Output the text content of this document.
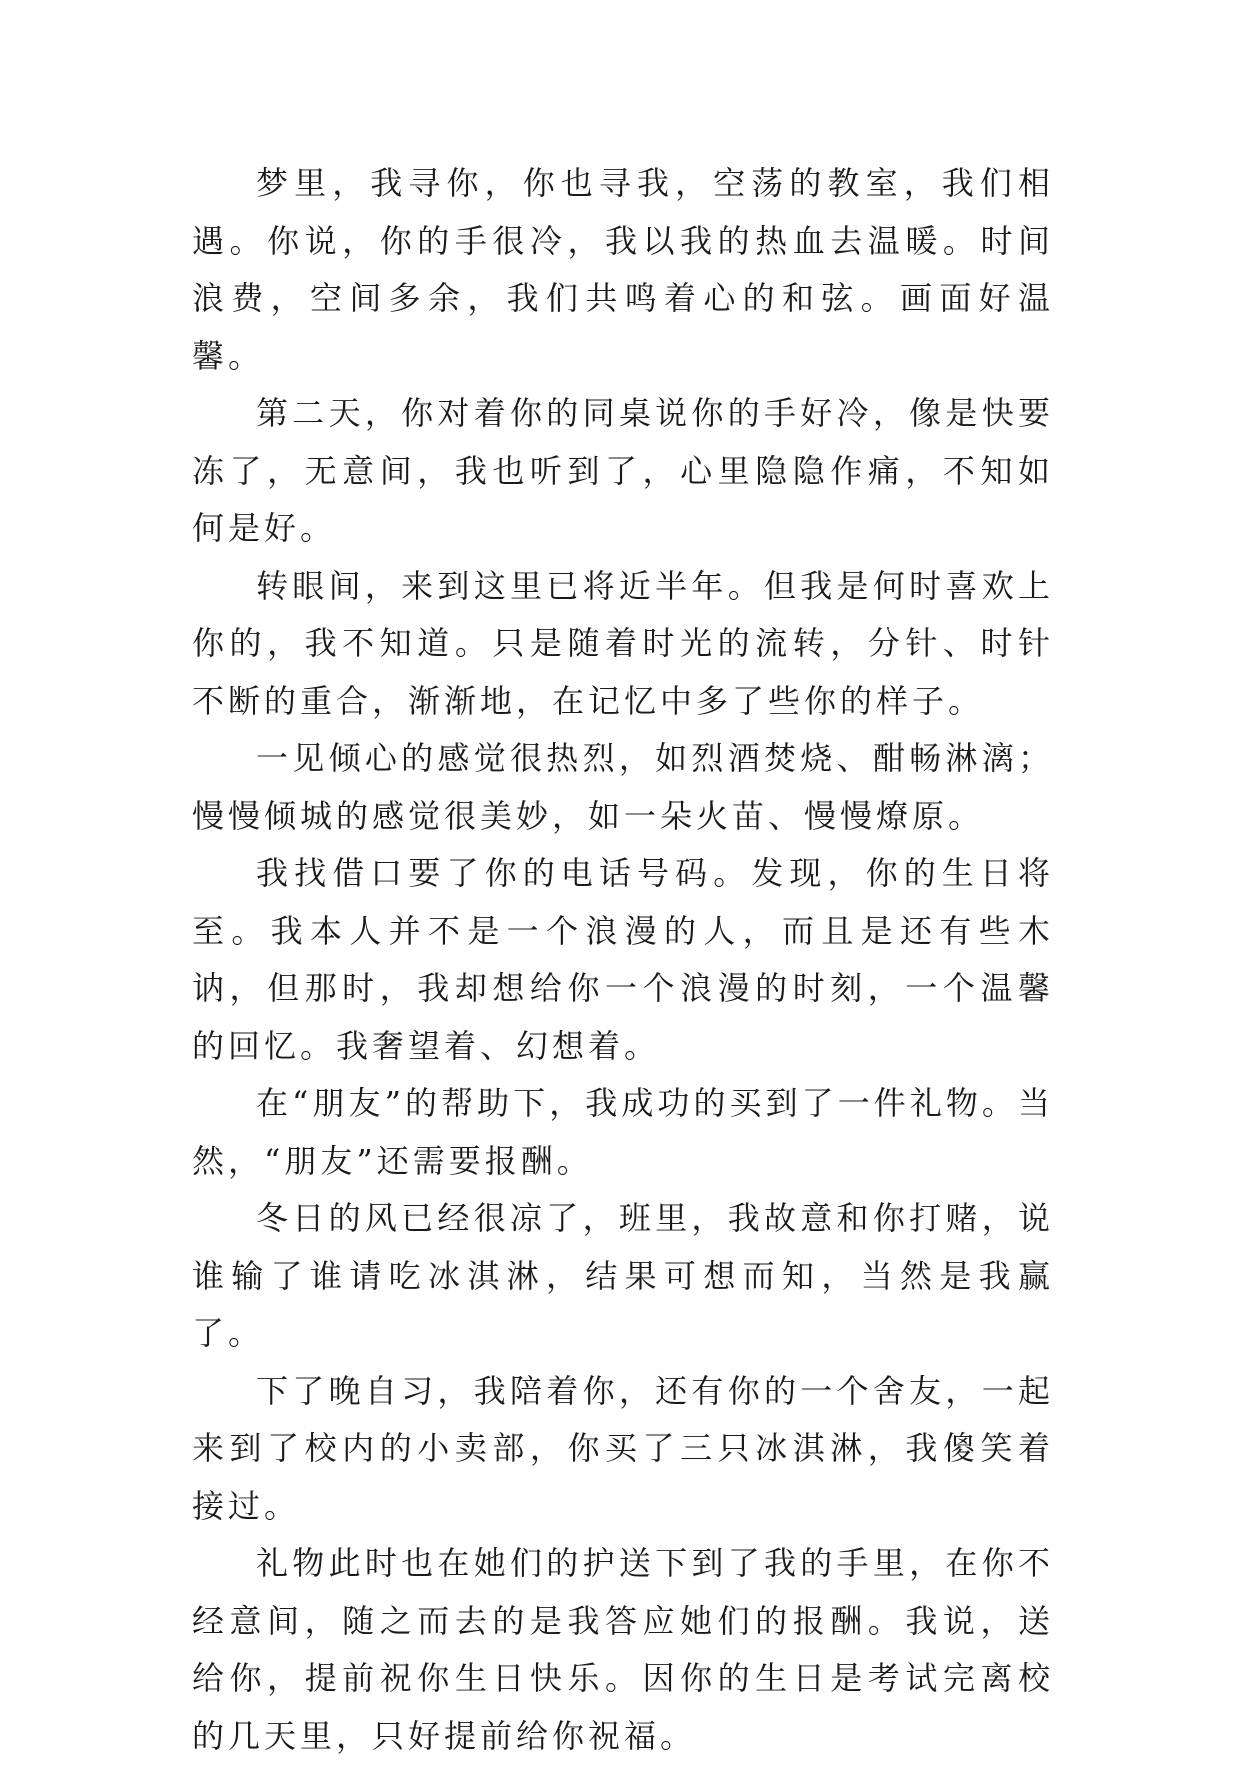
梦里，我寻你，你也寻我，空荡的教室，我们相遇。你说，你的手很冷，我以我的热血去温暖。时间浪费，空间多余，我们共鸣着心的和弦。画面好温馨。

第二天，你对着你的同桌说你的手好冷，像是快要冻了，无意间，我也听到了，心里隐隐作痛，不知如何是好。

转眼间，来到这里已将近半年。但我是何时喜欢上你的，我不知道。只是随着时光的流转，分针、时针不断的重合，渐渐地，在记忆中多了些你的样子。

一见倾心的感觉很热烈，如烈酒焚烧、酣畅淋漓；慢慢倾城的感觉很美妙，如一朵火苗、慢慢燎原。

我找借口要了你的电话号码。发现，你的生日将至。我本人并不是一个浪漫的人，而且是还有些木讷，但那时，我却想给你一个浪漫的时刻，一个温馨的回忆。我奢望着、幻想着。

在“朋友”的帮助下，我成功的买到了一件礼物。当然，“朋友”还需要报酬。

冬日的风已经很凉了，班里，我故意和你打赌，说谁输了谁请吃冰淇淋，结果可想而知，当然是我赢了。

下了晚自习，我陪着你，还有你的一个舍友，一起来到了校内的小卖部，你买了三只冰淇淋，我傻笑着接过。

礼物此时也在她们的护送下到了我的手里，在你不经意间，随之而去的是我答应她们的报酬。我说，送给你，提前祝你生日快乐。因你的生日是考试完离校的几天里，只好提前给你祝福。
